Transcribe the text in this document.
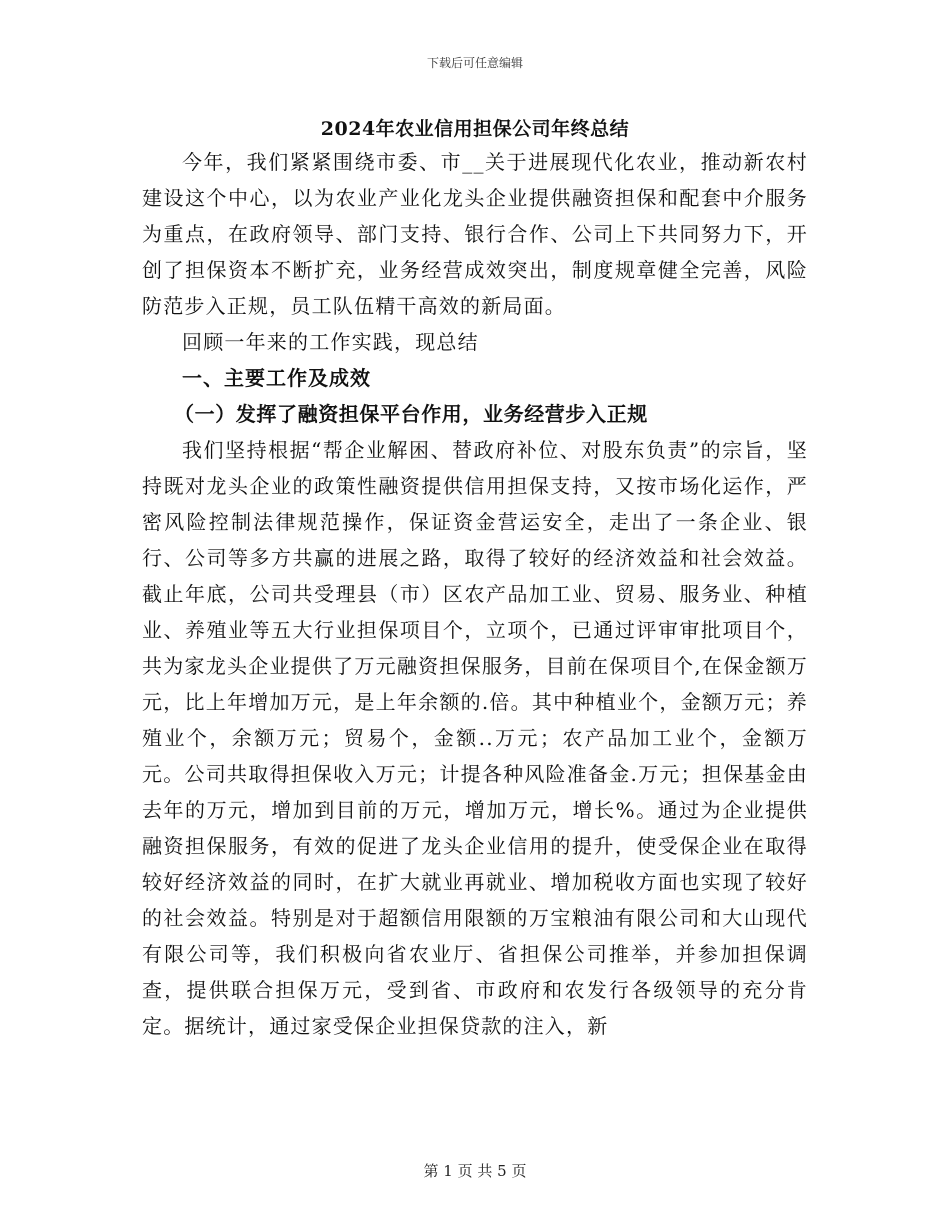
下载后可任意编辑
2024年农业信用担保公司年终总结

今年，我们紧紧围绕市委、市__关于进展现代化农业，推动新农村建设这个中心，以为农业产业化龙头企业提供融资担保和配套中介服务为重点，在政府领导、部门支持、银行合作、公司上下共同努力下，开创了担保资本不断扩充，业务经营成效突出，制度规章健全完善，风险防范步入正规，员工队伍精干高效的新局面。

回顾一年来的工作实践，现总结

一、主要工作及成效

（一）发挥了融资担保平台作用，业务经营步入正规

我们坚持根据“帮企业解困、替政府补位、对股东负责”的宗旨，坚持既对龙头企业的政策性融资提供信用担保支持，又按市场化运作，严密风险控制法律规范操作，保证资金营运安全，走出了一条企业、银行、公司等多方共赢的进展之路，取得了较好的经济效益和社会效益。截止年底，公司共受理县（市）区农产品加工业、贸易、服务业、种植业、养殖业等五大行业担保项目个，立项个，已通过评审审批项目个，共为家龙头企业提供了万元融资担保服务，目前在保项目个,在保金额万元，比上年增加万元，是上年余额的.倍。其中种植业个，金额万元；养殖业个，余额万元；贸易个，金额..万元；农产品加工业个，金额万元。公司共取得担保收入万元；计提各种风险准备金.万元；担保基金由去年的万元，增加到目前的万元，增加万元，增长%。通过为企业提供融资担保服务，有效的促进了龙头企业信用的提升，使受保企业在取得较好经济效益的同时，在扩大就业再就业、增加税收方面也实现了较好的社会效益。特别是对于超额信用限额的万宝粮油有限公司和大山现代有限公司等，我们积极向省农业厅、省担保公司推举，并参加担保调查，提供联合担保万元，受到省、市政府和农发行各级领导的充分肯定。据统计，通过家受保企业担保贷款的注入，新

第 1 页 共 5 页
